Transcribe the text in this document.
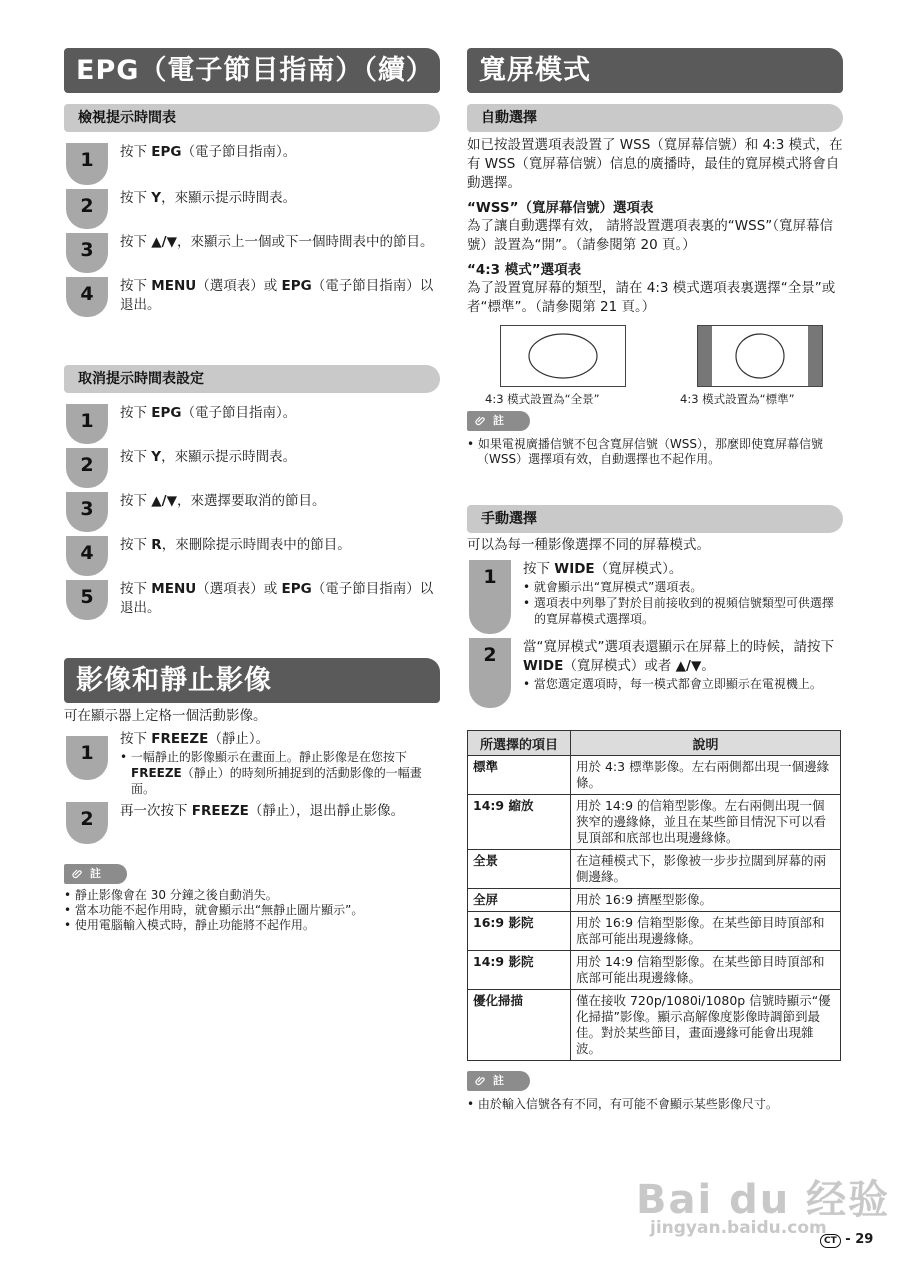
EPG（電子節目指南）（續）
檢視提示時間表
1	按下 EPG（電子節目指南）。
2	按下 Y，來顯示提示時間表。
3	按下 ▲/▼，來顯示上一個或下一個時間表中的節目。
4	按下 MENU（選項表）或 EPG（電子節目指南）以退出。
取消提示時間表設定
1	按下 EPG（電子節目指南）。
2	按下 Y，來顯示提示時間表。
3	按下 ▲/▼，來選擇要取消的節目。
4	按下 R，來刪除提示時間表中的節目。
5	按下 MENU（選項表）或 EPG（電子節目指南）以退出。
影像和靜止影像
可在顯示器上定格一個活動影像。
1
按下 FREEZE（靜止）。
• 一幅靜止的影像顯示在畫面上。靜止影像是在您按下 FREEZE（靜止）的時刻所捕捉到的活動影像的一幅畫面。
2	再一次按下 FREEZE（靜止），退出靜止影像。
註
• 靜止影像會在 30 分鐘之後自動消失。
• 當本功能不起作用時，就會顯示出“無靜止圖片顯示”。
• 使用電腦輸入模式時，靜止功能將不起作用。
寬屏模式
自動選擇
如已按設置選項表設置了 WSS（寬屏幕信號）和 4:3 模式，在有 WSS（寬屏幕信號）信息的廣播時，最佳的寬屏模式將會自動選擇。
“WSS”（寬屏幕信號）選項表
為了讓自動選擇有效， 請將設置選項表裏的“WSS”（寬屏幕信號）設置為“開”。（請參閱第 20 頁。）
“4:3 模式”選項表
為了設置寬屏幕的類型，請在 4:3 模式選項表裏選擇“全景”或者“標準”。（請參閱第 21 頁。）
4:3 模式設置為“全景”	4:3 模式設置為“標準”
註
• 如果電視廣播信號不包含寬屏信號（WSS），那麼即使寬屏幕信號（WSS）選擇項有效，自動選擇也不起作用。
手動選擇
可以為每一種影像選擇不同的屏幕模式。
1	按下 WIDE（寬屏模式）。
• 就會顯示出“寬屏模式”選項表。
• 選項表中列舉了對於目前接收到的視頻信號類型可供選擇的寬屏幕模式選擇項。
2	當“寬屏模式”選項表還顯示在屏幕上的時候，請按下 WIDE（寬屏模式）或者 ▲/▼。
• 當您選定選項時，每一模式都會立即顯示在電視機上。
所選擇的項目	說明
標準	用於 4:3 標準影像。左右兩側都出現一個邊緣條。
14:9 縮放	用於 14:9 的信箱型影像。左右兩側出現一個狹窄的邊緣條，並且在某些節目情況下可以看見頂部和底部也出現邊緣條。
全景	在這種模式下，影像被一步步拉闊到屏幕的兩側邊緣。
全屏	用於 16:9 擠壓型影像。
16:9 影院	用於 16:9 信箱型影像。在某些節目時頂部和底部可能出現邊緣條。
14:9 影院	用於 14:9 信箱型影像。在某些節目時頂部和底部可能出現邊緣條。
優化掃描	僅在接收 720p/1080i/1080p 信號時顯示“優化掃描”影像。顯示高解像度影像時調節到最佳。對於某些節目，畫面邊緣可能會出現雜波。
註
• 由於輸入信號各有不同，有可能不會顯示某些影像尺寸。
Bai du 经验
jingyan.baidu.com
CT - 29
